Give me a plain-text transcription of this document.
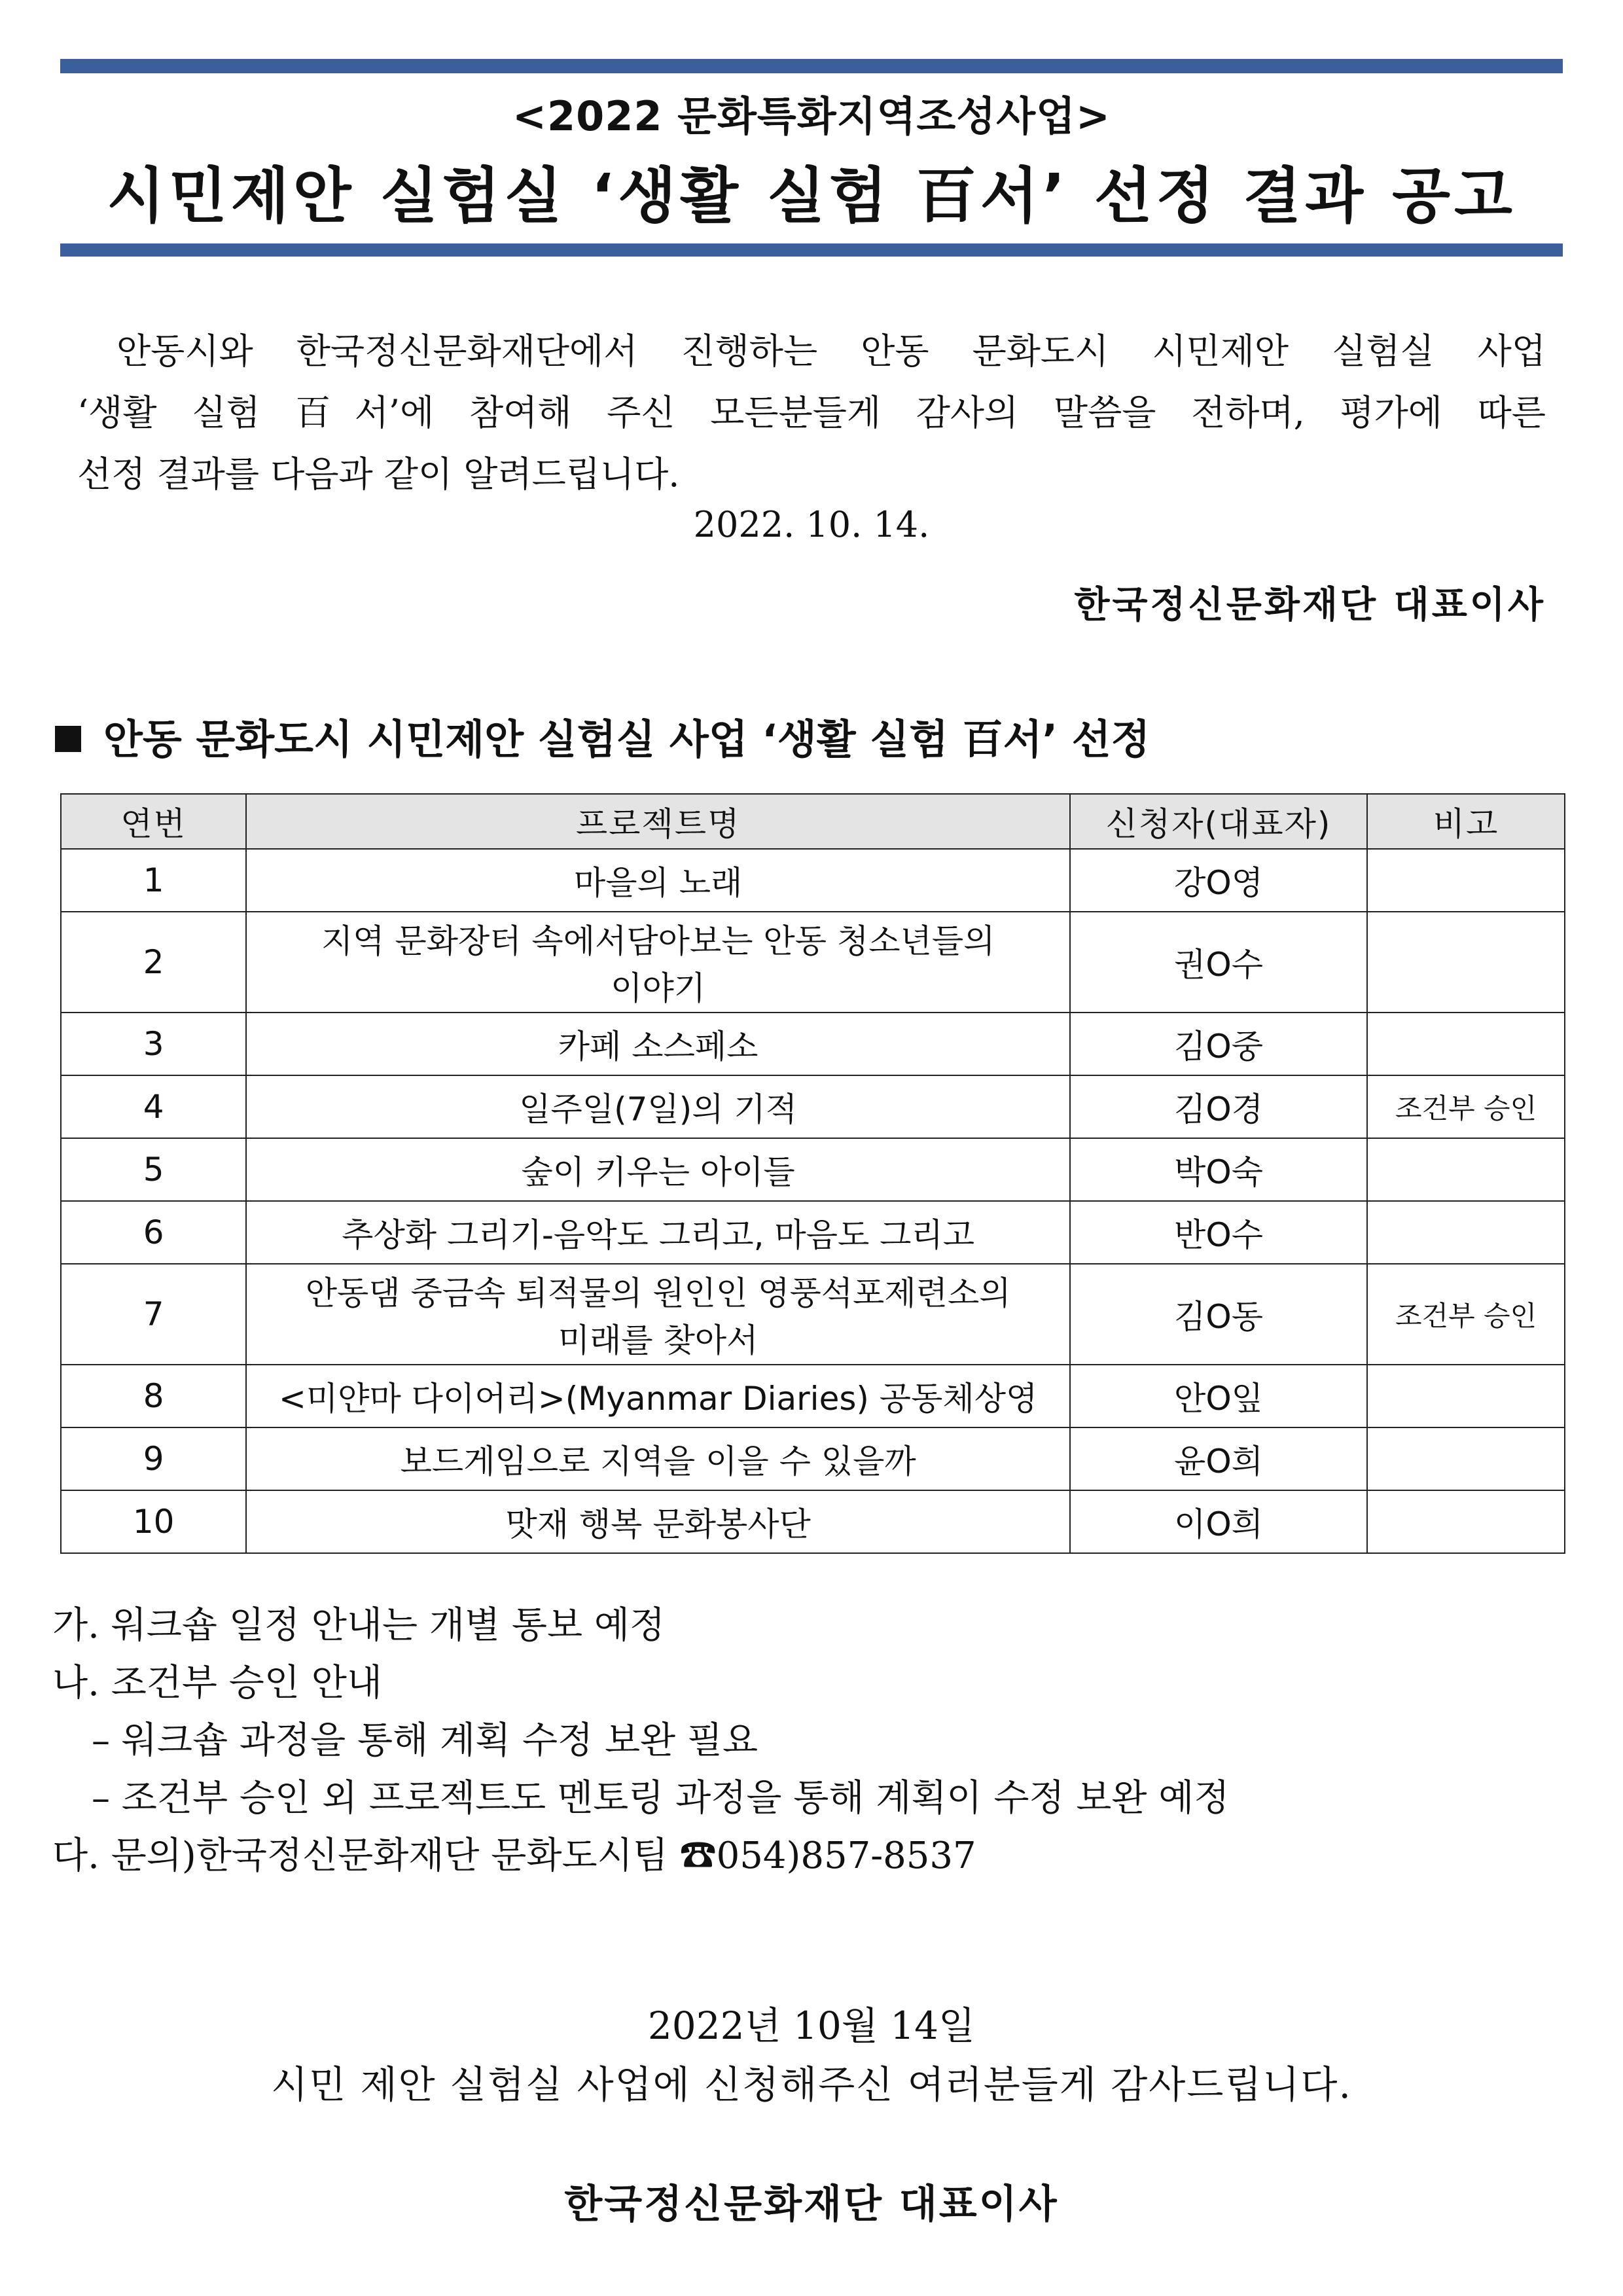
<2022 문화특화지역조성사업>
시민제안 실험실 ‘생활 실험 百서’ 선정 결과 공고
안동시와 한국정신문화재단에서 진행하는 안동 문화도시 시민제안 실험실 사업
‘생활 실험 百서’에 참여해 주신 모든분들게 감사의 말씀을 전하며, 평가에 따른
선정 결과를 다음과 같이 알려드립니다.
2022. 10. 14.
한국정신문화재단 대표이사
안동 문화도시 시민제안 실험실 사업 ‘생활 실험 百서’ 선정
연번	프로젝트명	신청자(대표자)	비고
1	마을의 노래	강O영	
2	지역 문화장터 속에서담아보는 안동 청소년들의
이야기	권O수	
3	카페 소스페소	김O중	
4	일주일(7일)의 기적	김O경	조건부 승인
5	숲이 키우는 아이들	박O숙	
6	추상화 그리기-음악도 그리고, 마음도 그리고	반O수	
7	안동댐 중금속 퇴적물의 원인인 영풍석포제련소의
미래를 찾아서	김O동	조건부 승인
8	<미얀마 다이어리>(Myanmar Diaries) 공동체상영	안O잎	
9	보드게임으로 지역을 이을 수 있을까	윤O희	
10	맛재 행복 문화봉사단	이O희	
가. 워크숍 일정 안내는 개별 통보 예정
나. 조건부 승인 안내
– 워크숍 과정을 통해 계획 수정 보완 필요
– 조건부 승인 외 프로젝트도 멘토링 과정을 통해 계획이 수정 보완 예정
다. 문의)한국정신문화재단 문화도시팀 ☎054)857-8537
2022년 10월 14일
시민 제안 실험실 사업에 신청해주신 여러분들게 감사드립니다.
한국정신문화재단 대표이사
